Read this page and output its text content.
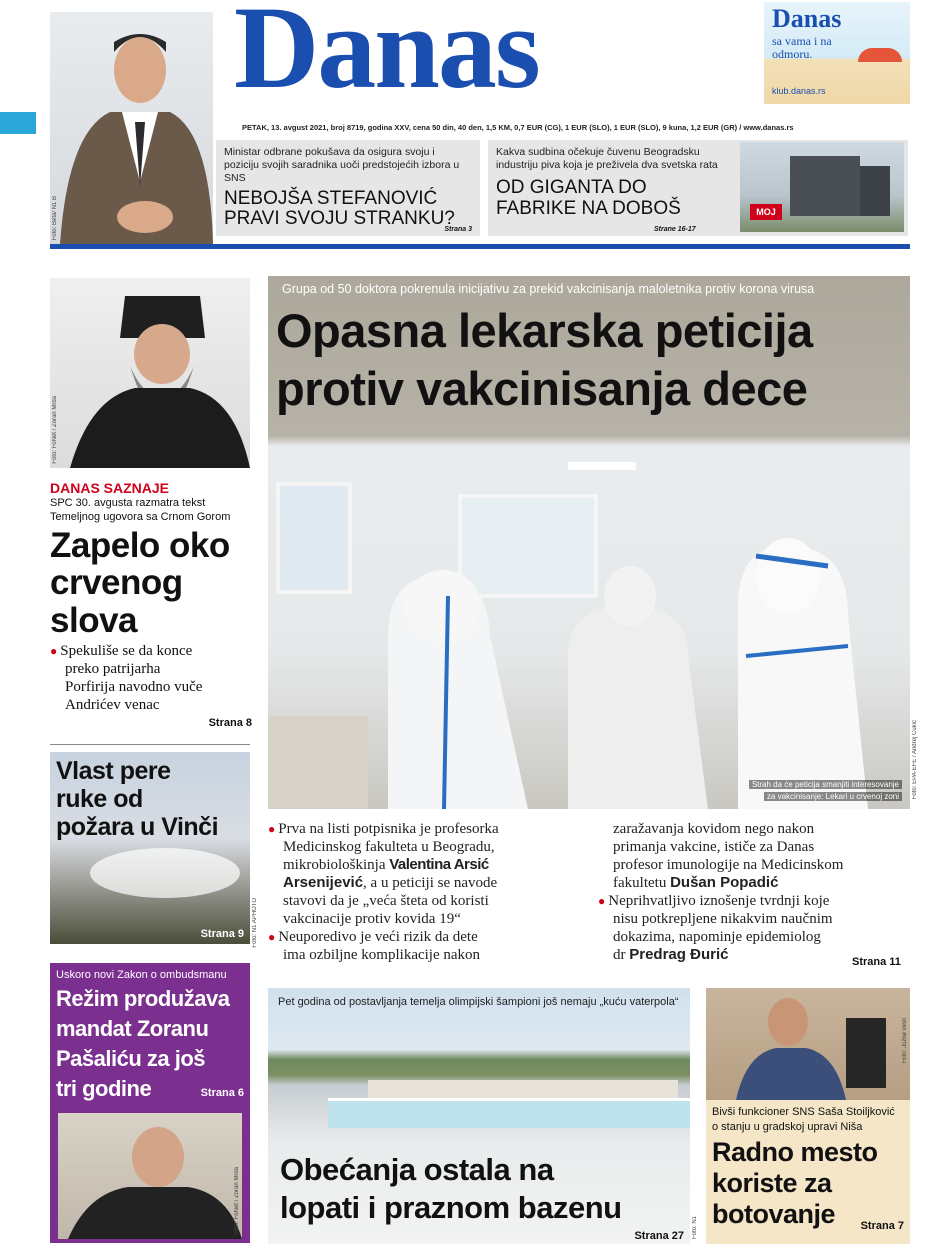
Foto: Beta/ N1 B
Danas	Danas
sa vama i na
odmoru.
klub.danas.rs
PETAK, 13. avgust 2021, broj 8719, godina XXV, cena 50 din, 40 den, 1,5 KM, 0,7 EUR (CG), 1 EUR (SLO), 1 EUR (SLO), 9 kuna, 1,2 EUR (GR) / www.danas.rs
Ministar odbrane pokušava da osigura svoju i poziciju svojih saradnika uoči predstojećih izbora u SNS
NEBOJŠA STEFANOVIĆ
PRAVI SVOJU STRANKU?
Strana 3
Kakva sudbina očekuje čuvenu Beogradsku industriju piva koja je preživela dva svetska rata
OD GIGANTA DO
FABRIKE NA DOBOŠ
Strane 16-17
MOJ
Foto: FoNet / Zoran Mrđa
DANAS SAZNAJE
SPC 30. avgusta razmatra tekst
Temeljnog ugovora sa Crnom Gorom
Zapelo oko
crvenog
slova
● Spekuliše se da konce
preko patrijarha
Porfirija navodno vuče
Andrićev venac
Strana 8
Vlast pere
ruke od
požara u Vinči
Strana 9 Foto: N1 APHOTO
Uskoro novi Zakon o ombudsmanu
Režim produžava
mandat Zoranu
Pašaliću za još
tri godine	Strana 6
Foto: FoNet / Zoran Mrđa
Grupa od 50 doktora pokrenula inicijativu za prekid vakcinisanja maloletnika protiv korona virusa
Opasna lekarska peticija
protiv vakcinisanja dece
Strah da će peticija smanjiti interesovanje
za vakcinisanje: Lekari u crvenoj zoni	Foto: EPA-EFE / Andrej Cukic
● Prva na listi potpisnika je profesorka
Medicinskog fakulteta u Beogradu,
mikrobiološkinja Valentina Arsić
Arsenijević, a u peticiji se navode
stavovi da je „veća šteta od koristi
vakcinacije protiv kovida 19“
● Neuporedivo je veći rizik da dete
ima ozbiljne komplikacije nakon
zaražavanja kovidom nego nakon
primanja vakcine, ističe za Danas
profesor imunologije na Medicinskom
fakultetu Dušan Popadić
● Neprihvatljivo iznošenje tvrdnji koje
nisu potkrepljene nikakvim naučnim
dokazima, napominje epidemiolog
dr Predrag Đurić	Strana 11
Pet godina od postavljanja temelja olimpijski šampioni još nemaju „kuću vaterpola“
Obećanja ostala na
lopati i praznom bazenu
Strana 27 Foto: N1
Foto: Južne vesti
Bivši funkcioner SNS Saša Stoiljković
o stanju u gradskoj upravi Niša
Radno mesto
koriste za
botovanje Strana 7
